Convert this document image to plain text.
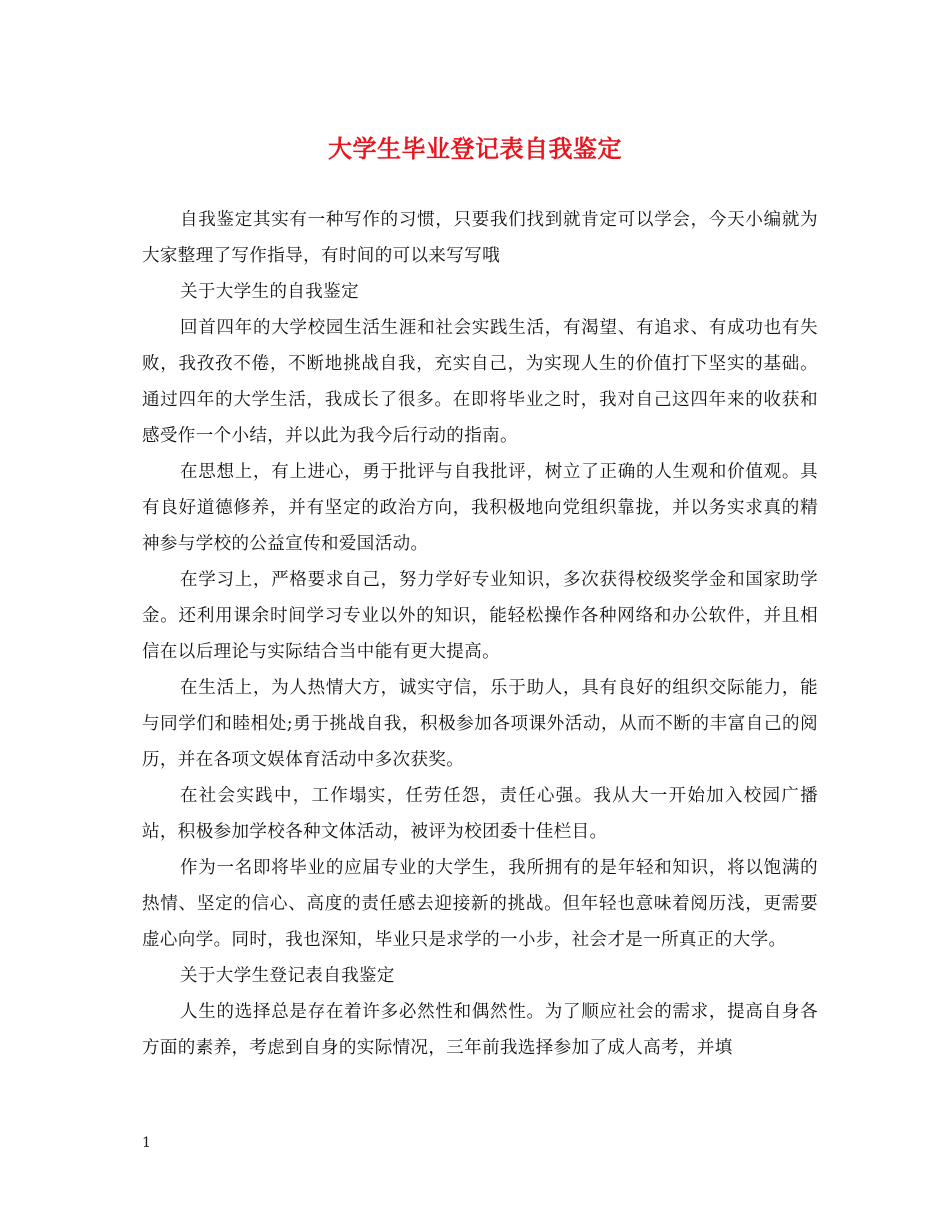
大学生毕业登记表自我鉴定

自我鉴定其实有一种写作的习惯，只要我们找到就肯定可以学会，今天小编就为大家整理了写作指导，有时间的可以来写写哦

关于大学生的自我鉴定

回首四年的大学校园生活生涯和社会实践生活，有渴望、有追求、有成功也有失败，我孜孜不倦，不断地挑战自我，充实自己，为实现人生的价值打下坚实的基础。通过四年的大学生活，我成长了很多。在即将毕业之时，我对自己这四年来的收获和感受作一个小结，并以此为我今后行动的指南。

在思想上，有上进心，勇于批评与自我批评，树立了正确的人生观和价值观。具有良好道德修养，并有坚定的政治方向，我积极地向党组织靠拢，并以务实求真的精神参与学校的公益宣传和爱国活动。

在学习上，严格要求自己，努力学好专业知识，多次获得校级奖学金和国家助学金。还利用课余时间学习专业以外的知识，能轻松操作各种网络和办公软件，并且相信在以后理论与实际结合当中能有更大提高。

在生活上，为人热情大方，诚实守信，乐于助人，具有良好的组织交际能力，能与同学们和睦相处;勇于挑战自我，积极参加各项课外活动，从而不断的丰富自己的阅历，并在各项文娱体育活动中多次获奖。

在社会实践中，工作塌实，任劳任怨，责任心强。我从大一开始加入校园广播站，积极参加学校各种文体活动，被评为校团委十佳栏目。

作为一名即将毕业的应届专业的大学生，我所拥有的是年轻和知识，将以饱满的热情、坚定的信心、高度的责任感去迎接新的挑战。但年轻也意味着阅历浅，更需要虚心向学。同时，我也深知，毕业只是求学的一小步，社会才是一所真正的大学。

关于大学生登记表自我鉴定

人生的选择总是存在着许多必然性和偶然性。为了顺应社会的需求，提高自身各方面的素养，考虑到自身的实际情况，三年前我选择参加了成人高考，并填

1
